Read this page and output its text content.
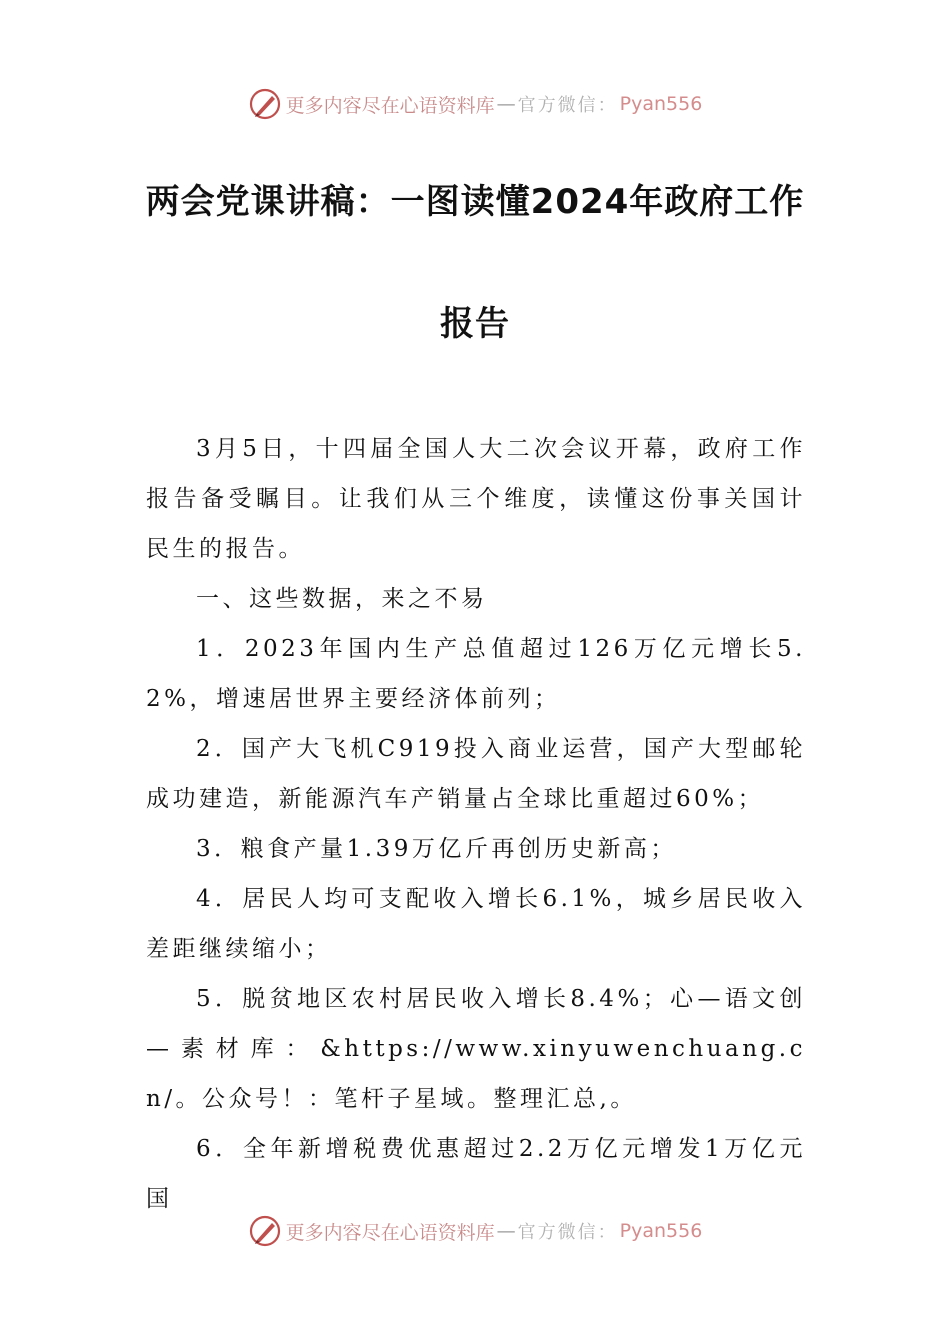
更多内容尽在心语资料库 — 官方微信： Pyan556
两会党课讲稿：一图读懂2024年政府工作
报告

3月5日，十四届全国人大二次会议开幕，政府工作报告备受瞩目。让我们从三个维度，读懂这份事关国计民生的报告。

一、这些数据，来之不易

1．2023年国内生产总值超过126万亿元增长5.2%，增速居世界主要经济体前列；

2．国产大飞机C919投入商业运营，国产大型邮轮成功建造，新能源汽车产销量占全球比重超过60%；

3．粮食产量1.39万亿斤再创历史新高；

4．居民人均可支配收入增长6.1%，城乡居民收入差距继续缩小；

5．脱贫地区农村居民收入增长8.4%；心—语文创—素材库：&https://www.xinyuwenchuang.cn/。公众号！：笔杆子星域。整理汇总,。

6．全年新增税费优惠超过2.2万亿元增发1万亿元国

更多内容尽在心语资料库 — 官方微信： Pyan556
